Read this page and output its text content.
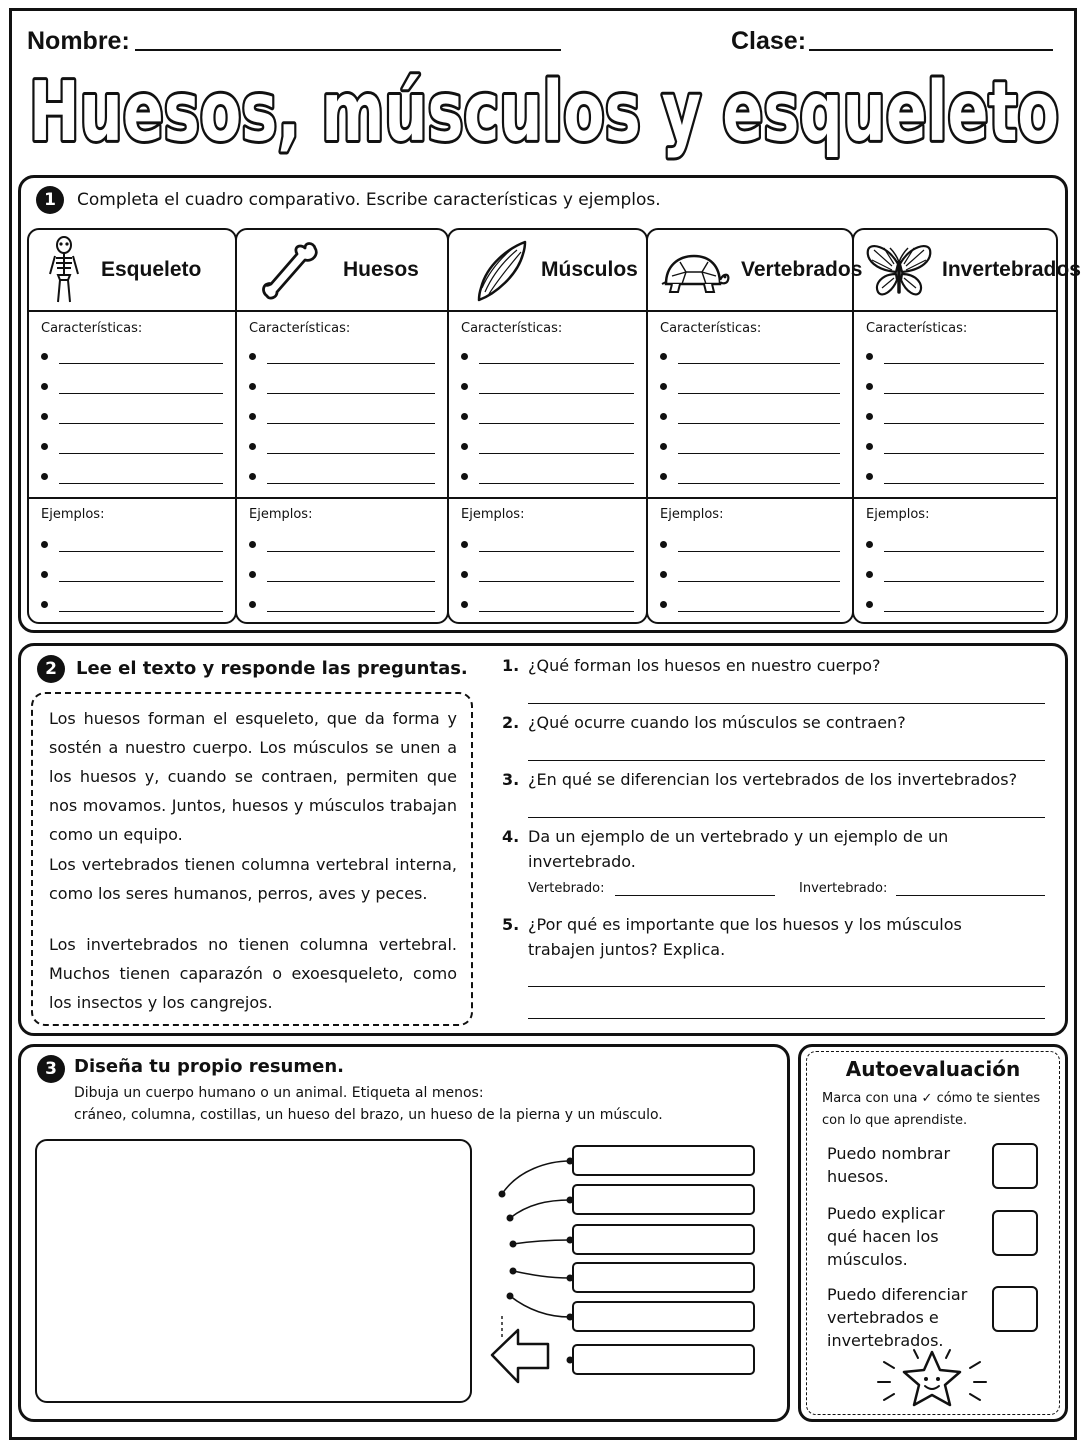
Nombre:	Clase:
Huesos, músculos y esqueleto
1	Completa el cuadro comparativo. Escribe características y ejemplos.
Esqueleto
Características:
Ejemplos:
Huesos
Características:
Ejemplos:
Músculos
Características:
Ejemplos:
Vertebrados
Características:
Ejemplos:
Invertebrados
Características:
Ejemplos:
2	Lee el texto y responde las preguntas.

Los huesos forman el esqueleto, que da forma y sostén a nuestro cuerpo. Los músculos se unen a los huesos y, cuando se contraen, permiten que nos movamos. Juntos, huesos y músculos trabajan como un equipo.

Los vertebrados tienen columna vertebral interna, como los seres humanos, perros, aves y peces.

Los invertebrados no tienen columna vertebral. Muchos tienen caparazón o exoesqueleto, como los insectos y los cangrejos.

1. ¿Qué forman los huesos en nuestro cuerpo?
2. ¿Qué ocurre cuando los músculos se contraen?
3. ¿En qué se diferencian los vertebrados de los invertebrados?
4. Da un ejemplo de un vertebrado y un ejemplo de un invertebrado.
Vertebrado:	Invertebrado:
5. ¿Por qué es importante que los huesos y los músculos trabajen juntos? Explica.
3 Diseña tu propio resumen.
Dibuja un cuerpo humano o un animal. Etiqueta al menos:
cráneo, columna, costillas, un hueso del brazo, un hueso de la pierna y un músculo.
Autoevaluación
Marca con una ✓ cómo te sientes
con lo que aprendiste.
Puedo nombrar
huesos.
Puedo explicar
qué hacen los
músculos.
Puedo diferenciar
vertebrados e
invertebrados.
